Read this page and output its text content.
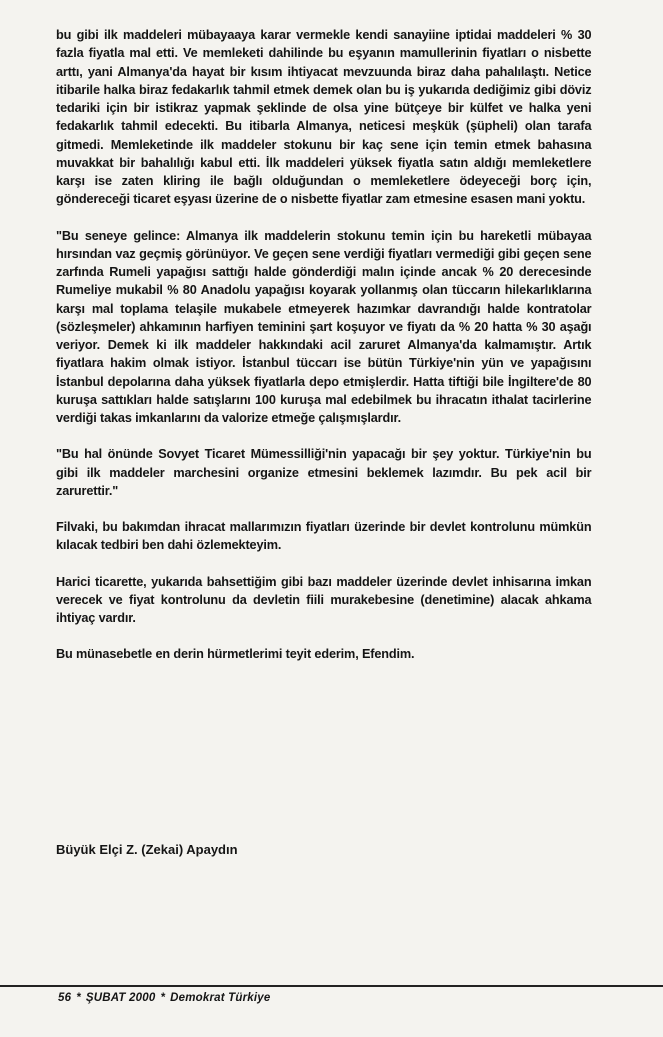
bu gibi ilk maddeleri mübayaaya karar vermekle kendi sanayiine iptidai maddeleri % 30 fazla fiyatla mal etti. Ve memleketi dahilinde bu eşyanın mamullerinin fiyatları o nisbette arttı, yani Almanya'da hayat bir kısım ihtiyacat mevzuunda biraz daha pahalılaştı. Netice itibarile halka biraz fedakarlık tahmil etmek demek olan bu iş yukarıda dediğimiz gibi döviz tedariki için bir istikraz yapmak şeklinde de olsa yine bütçeye bir külfet ve halka yeni fedakarlık tahmil edecekti. Bu itibarla Almanya, neticesi meşkük (şüpheli) olan tarafa gitmedi. Memleketinde ilk maddeler stokunu bir kaç sene için temin etmek bahasına muvakkat bir bahalılığı kabul etti. İlk maddeleri yüksek fiyatla satın aldığı memleketlere karşı ise zaten kliring ile bağlı olduğundan o memleketlere ödeyeceği borç için, göndereceği ticaret eşyası üzerine de o nisbette fiyatlar zam etmesine esasen mani yoktu.

"Bu seneye gelince: Almanya ilk maddelerin stokunu temin için bu hareketli mübayaa hırsından vaz geçmiş görünüyor. Ve geçen sene verdiği fiyatları vermediği gibi geçen sene zarfında Rumeli yapağısı sattığı halde gönderdiği malın içinde ancak % 20 derecesinde Rumeliye mukabil % 80 Anadolu yapağısı koyarak yollanmış olan tüccarın hilekarlıklarına karşı mal toplama telaşile mukabele etmeyerek hazımkar davrandığı halde kontratolar (sözleşmeler) ahkamının harfiyen teminini şart koşuyor ve fiyatı da % 20 hatta % 30 aşağı veriyor. Demek ki ilk maddeler hakkındaki acil zaruret Almanya'da kalmamıştır. Artık fiyatlara hakim olmak istiyor. İstanbul tüccarı ise bütün Türkiye'nin yün ve yapağısını İstanbul depolarına daha yüksek fiyatlarla depo etmişlerdir. Hatta tiftiği bile İngiltere'de 80 kuruşa sattıkları halde satışlarını 100 kuruşa mal edebilmek bu ihracatın ithalat tacirlerine verdiği takas imkanlarını da valorize etmeğe çalışmışlardır.

"Bu hal önünde Sovyet Ticaret Mümessilliği'nin yapacağı bir şey yoktur. Türkiye'nin bu gibi ilk maddeler marchesini organize etmesini beklemek lazımdır. Bu pek acil bir zarurettir."

Filvaki, bu bakımdan ihracat mallarımızın fiyatları üzerinde bir devlet kontrolunu mümkün kılacak tedbiri ben dahi özlemekteyim.

Harici ticarette, yukarıda bahsettiğim gibi bazı maddeler üzerinde devlet inhisarına imkan verecek ve fiyat kontrolunu da devletin fiili murakebesine (denetimine) alacak ahkama ihtiyaç vardır.

Bu münasebetle en derin hürmetlerimi teyit ederim, Efendim.

Büyük Elçi Z. (Zekai) Apaydın
56 * ŞUBAT 2000 * Demokrat Türkiye
